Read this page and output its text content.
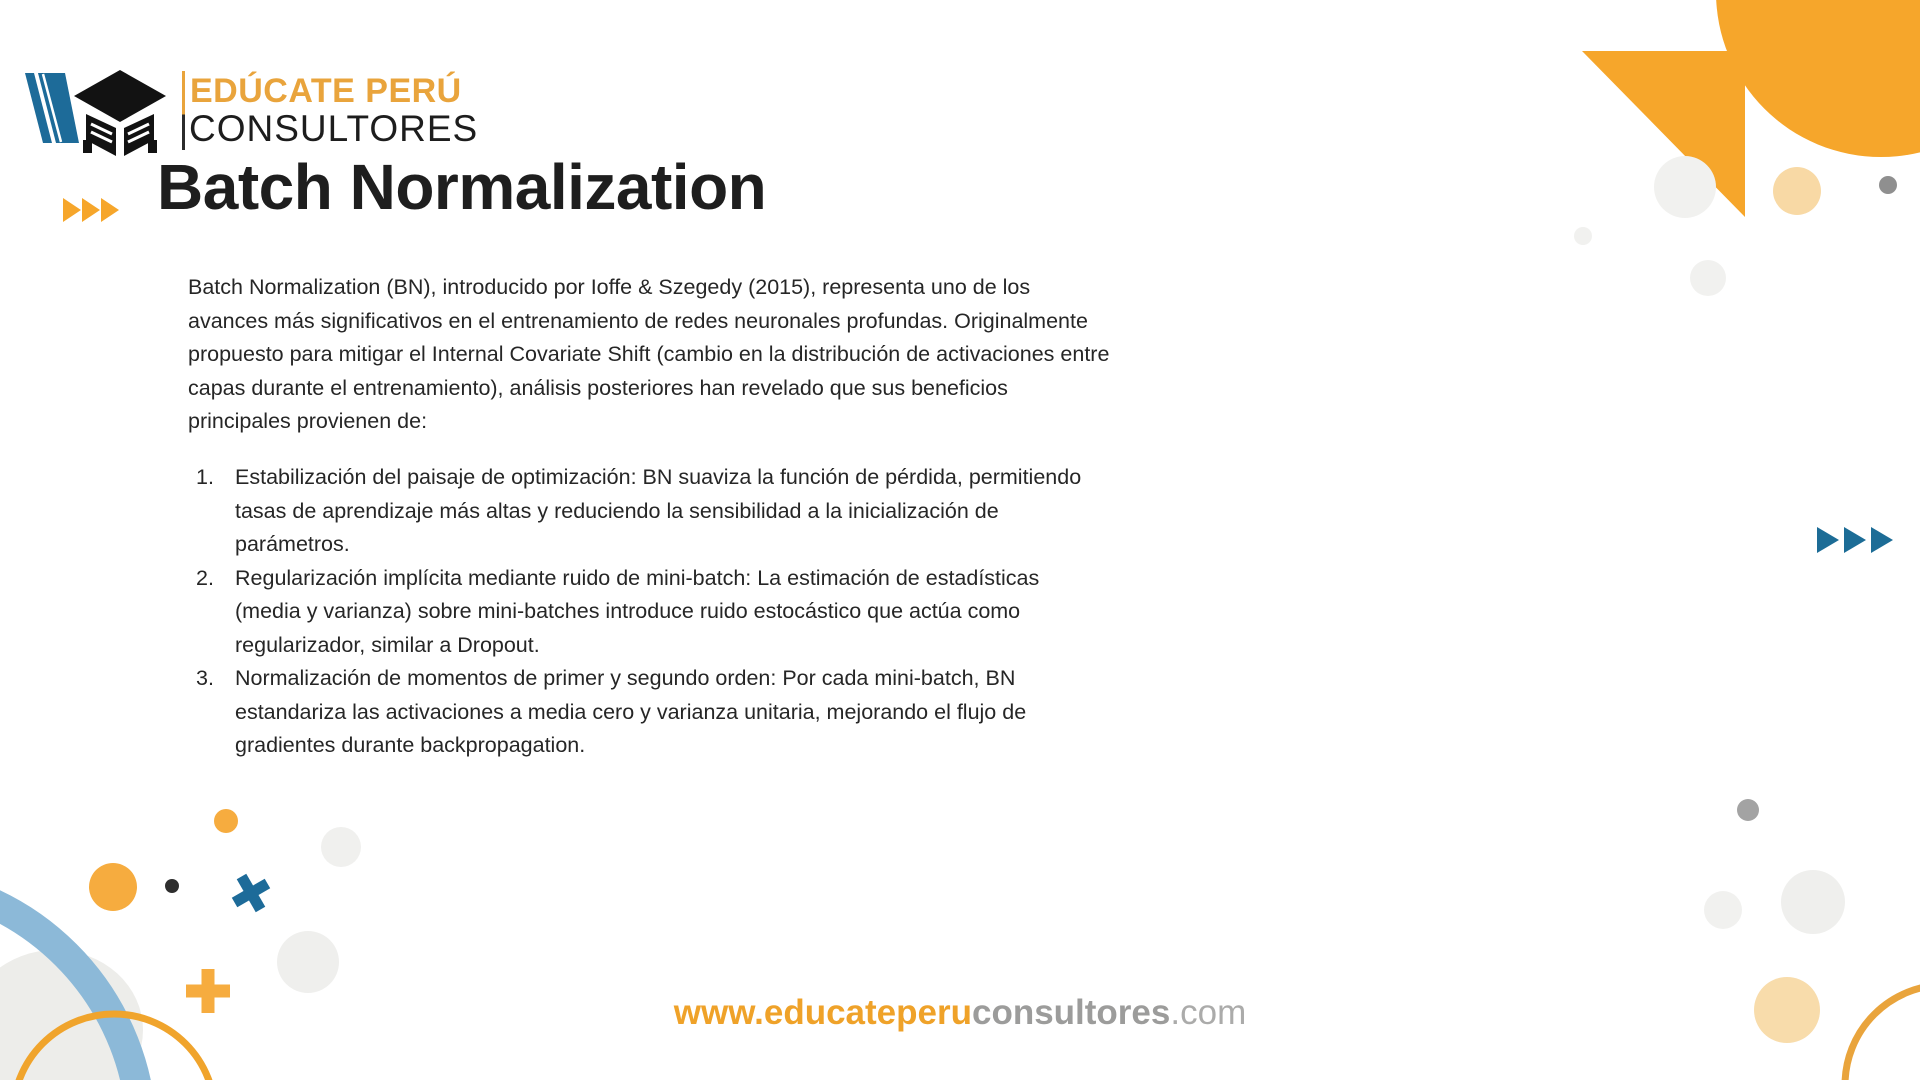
EDÚCATE PERÚ
CONSULTORES
Batch Normalization
Batch Normalization (BN), introducido por Ioffe & Szegedy (2015), representa uno de los
avances más significativos en el entrenamiento de redes neuronales profundas. Originalmente
propuesto para mitigar el Internal Covariate Shift (cambio en la distribución de activaciones entre
capas durante el entrenamiento), análisis posteriores han revelado que sus beneficios
principales provienen de:
1. Estabilización del paisaje de optimización: BN suaviza la función de pérdida, permitiendo
tasas de aprendizaje más altas y reduciendo la sensibilidad a la inicialización de
parámetros.
2. Regularización implícita mediante ruido de mini-batch: La estimación de estadísticas
(media y varianza) sobre mini-batches introduce ruido estocástico que actúa como
regularizador, similar a Dropout.
3. Normalización de momentos de primer y segundo orden: Por cada mini-batch, BN
estandariza las activaciones a media cero y varianza unitaria, mejorando el flujo de
gradientes durante backpropagation.
www.educateperuconsultores.com
